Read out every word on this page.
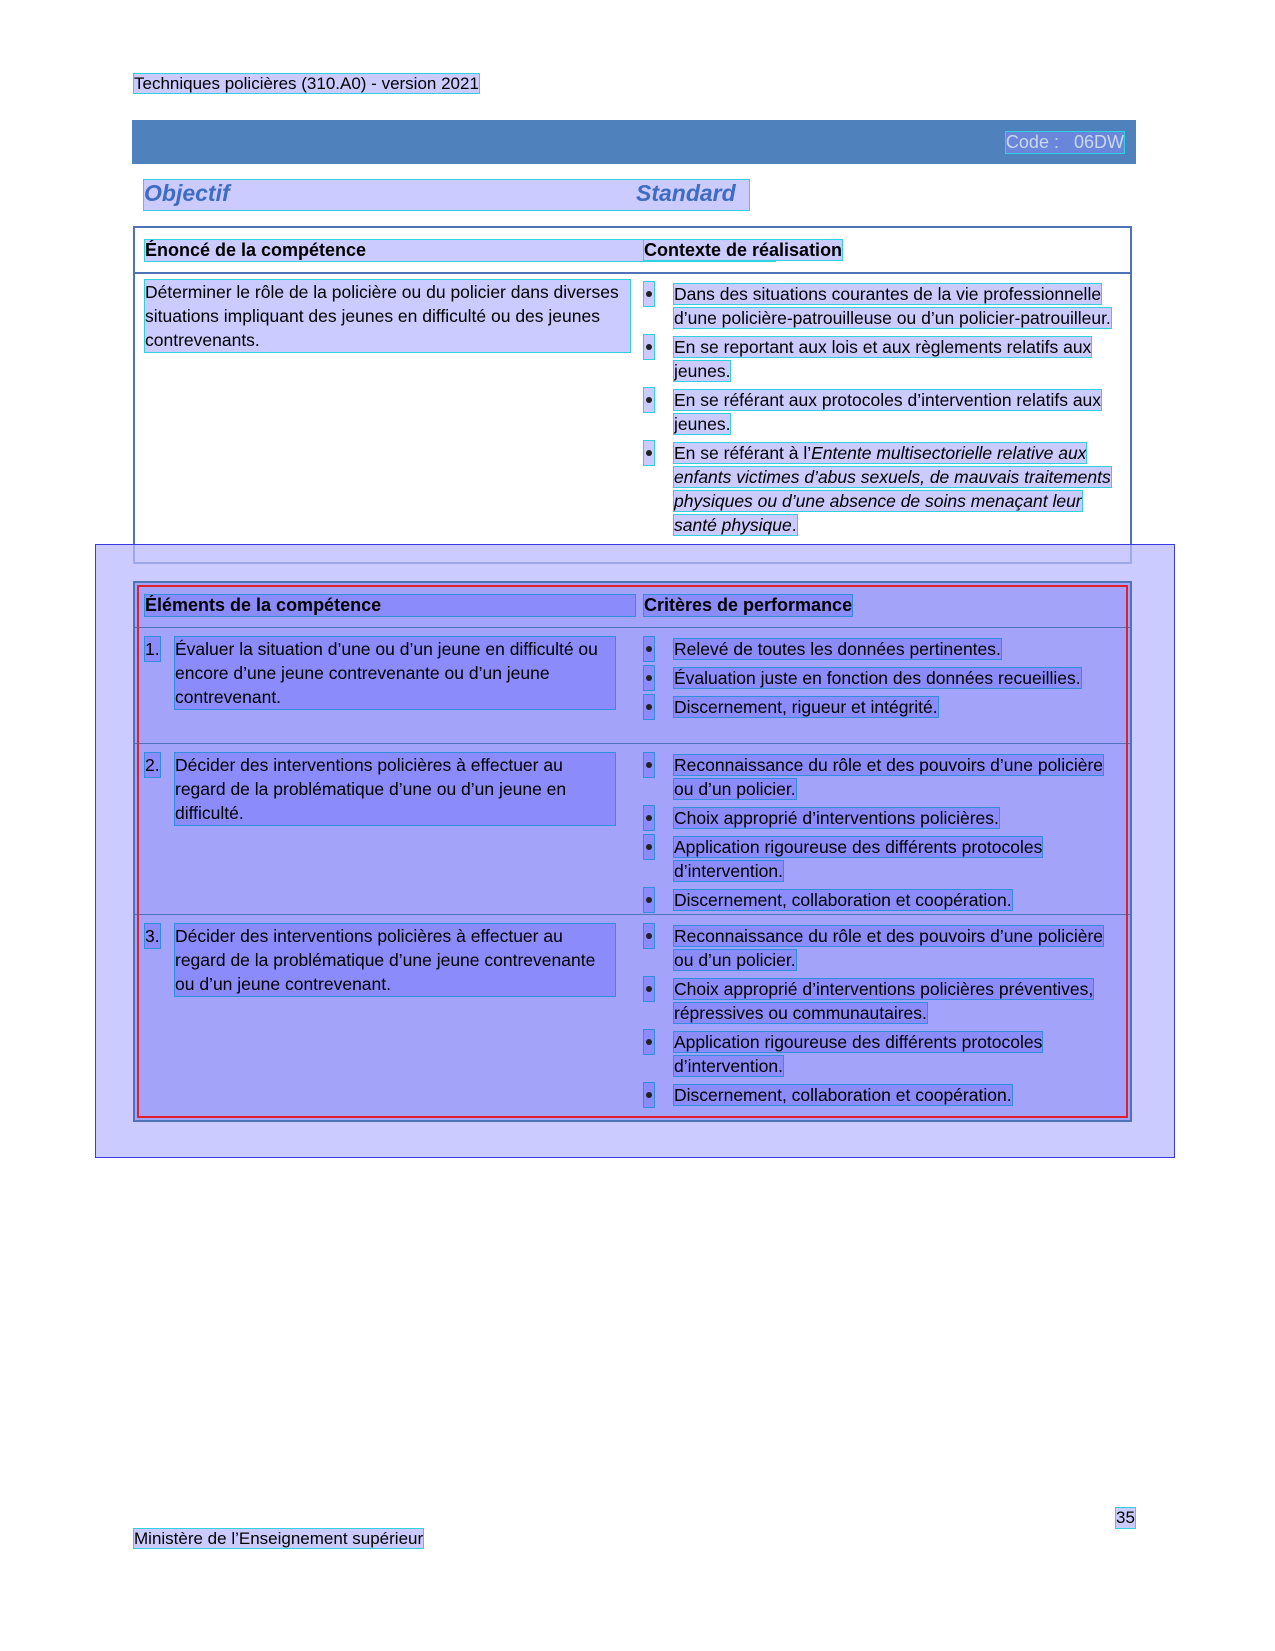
Techniques policières (310.A0) - version 2021
Code : 06DW
Objectif	Standard
Énoncé de la compétence	Contexte de réalisation
Déterminer le rôle de la policière ou du policier dans diverses situations impliquant des jeunes en difficulté ou des jeunes contrevenants.
Dans des situations courantes de la vie professionnelle d’une policière-patrouilleuse ou d’un policier-patrouilleur.
En se reportant aux lois et aux règlements relatifs aux jeunes.
En se référant aux protocoles d’intervention relatifs aux jeunes.
En se référant à l’Entente multisectorielle relative aux enfants victimes d’abus sexuels, de mauvais traitements physiques ou d’une absence de soins menaçant leur santé physique.
Éléments de la compétence	Critères de performance
1. Évaluer la situation d’une ou d’un jeune en difficulté ou encore d’une jeune contrevenante ou d’un jeune contrevenant.
Relevé de toutes les données pertinentes.
Évaluation juste en fonction des données recueillies.
Discernement, rigueur et intégrité.
2. Décider des interventions policières à effectuer au regard de la problématique d’une ou d’un jeune en difficulté.
Reconnaissance du rôle et des pouvoirs d’une policière ou d’un policier.
Choix approprié d’interventions policières.
Application rigoureuse des différents protocoles d’intervention.
Discernement, collaboration et coopération.
3. Décider des interventions policières à effectuer au regard de la problématique d’une jeune contrevenante ou d’un jeune contrevenant.
Reconnaissance du rôle et des pouvoirs d’une policière ou d’un policier.
Choix approprié d’interventions policières préventives, répressives ou communautaires.
Application rigoureuse des différents protocoles d’intervention.
Discernement, collaboration et coopération.
35
Ministère de l’Enseignement supérieur
